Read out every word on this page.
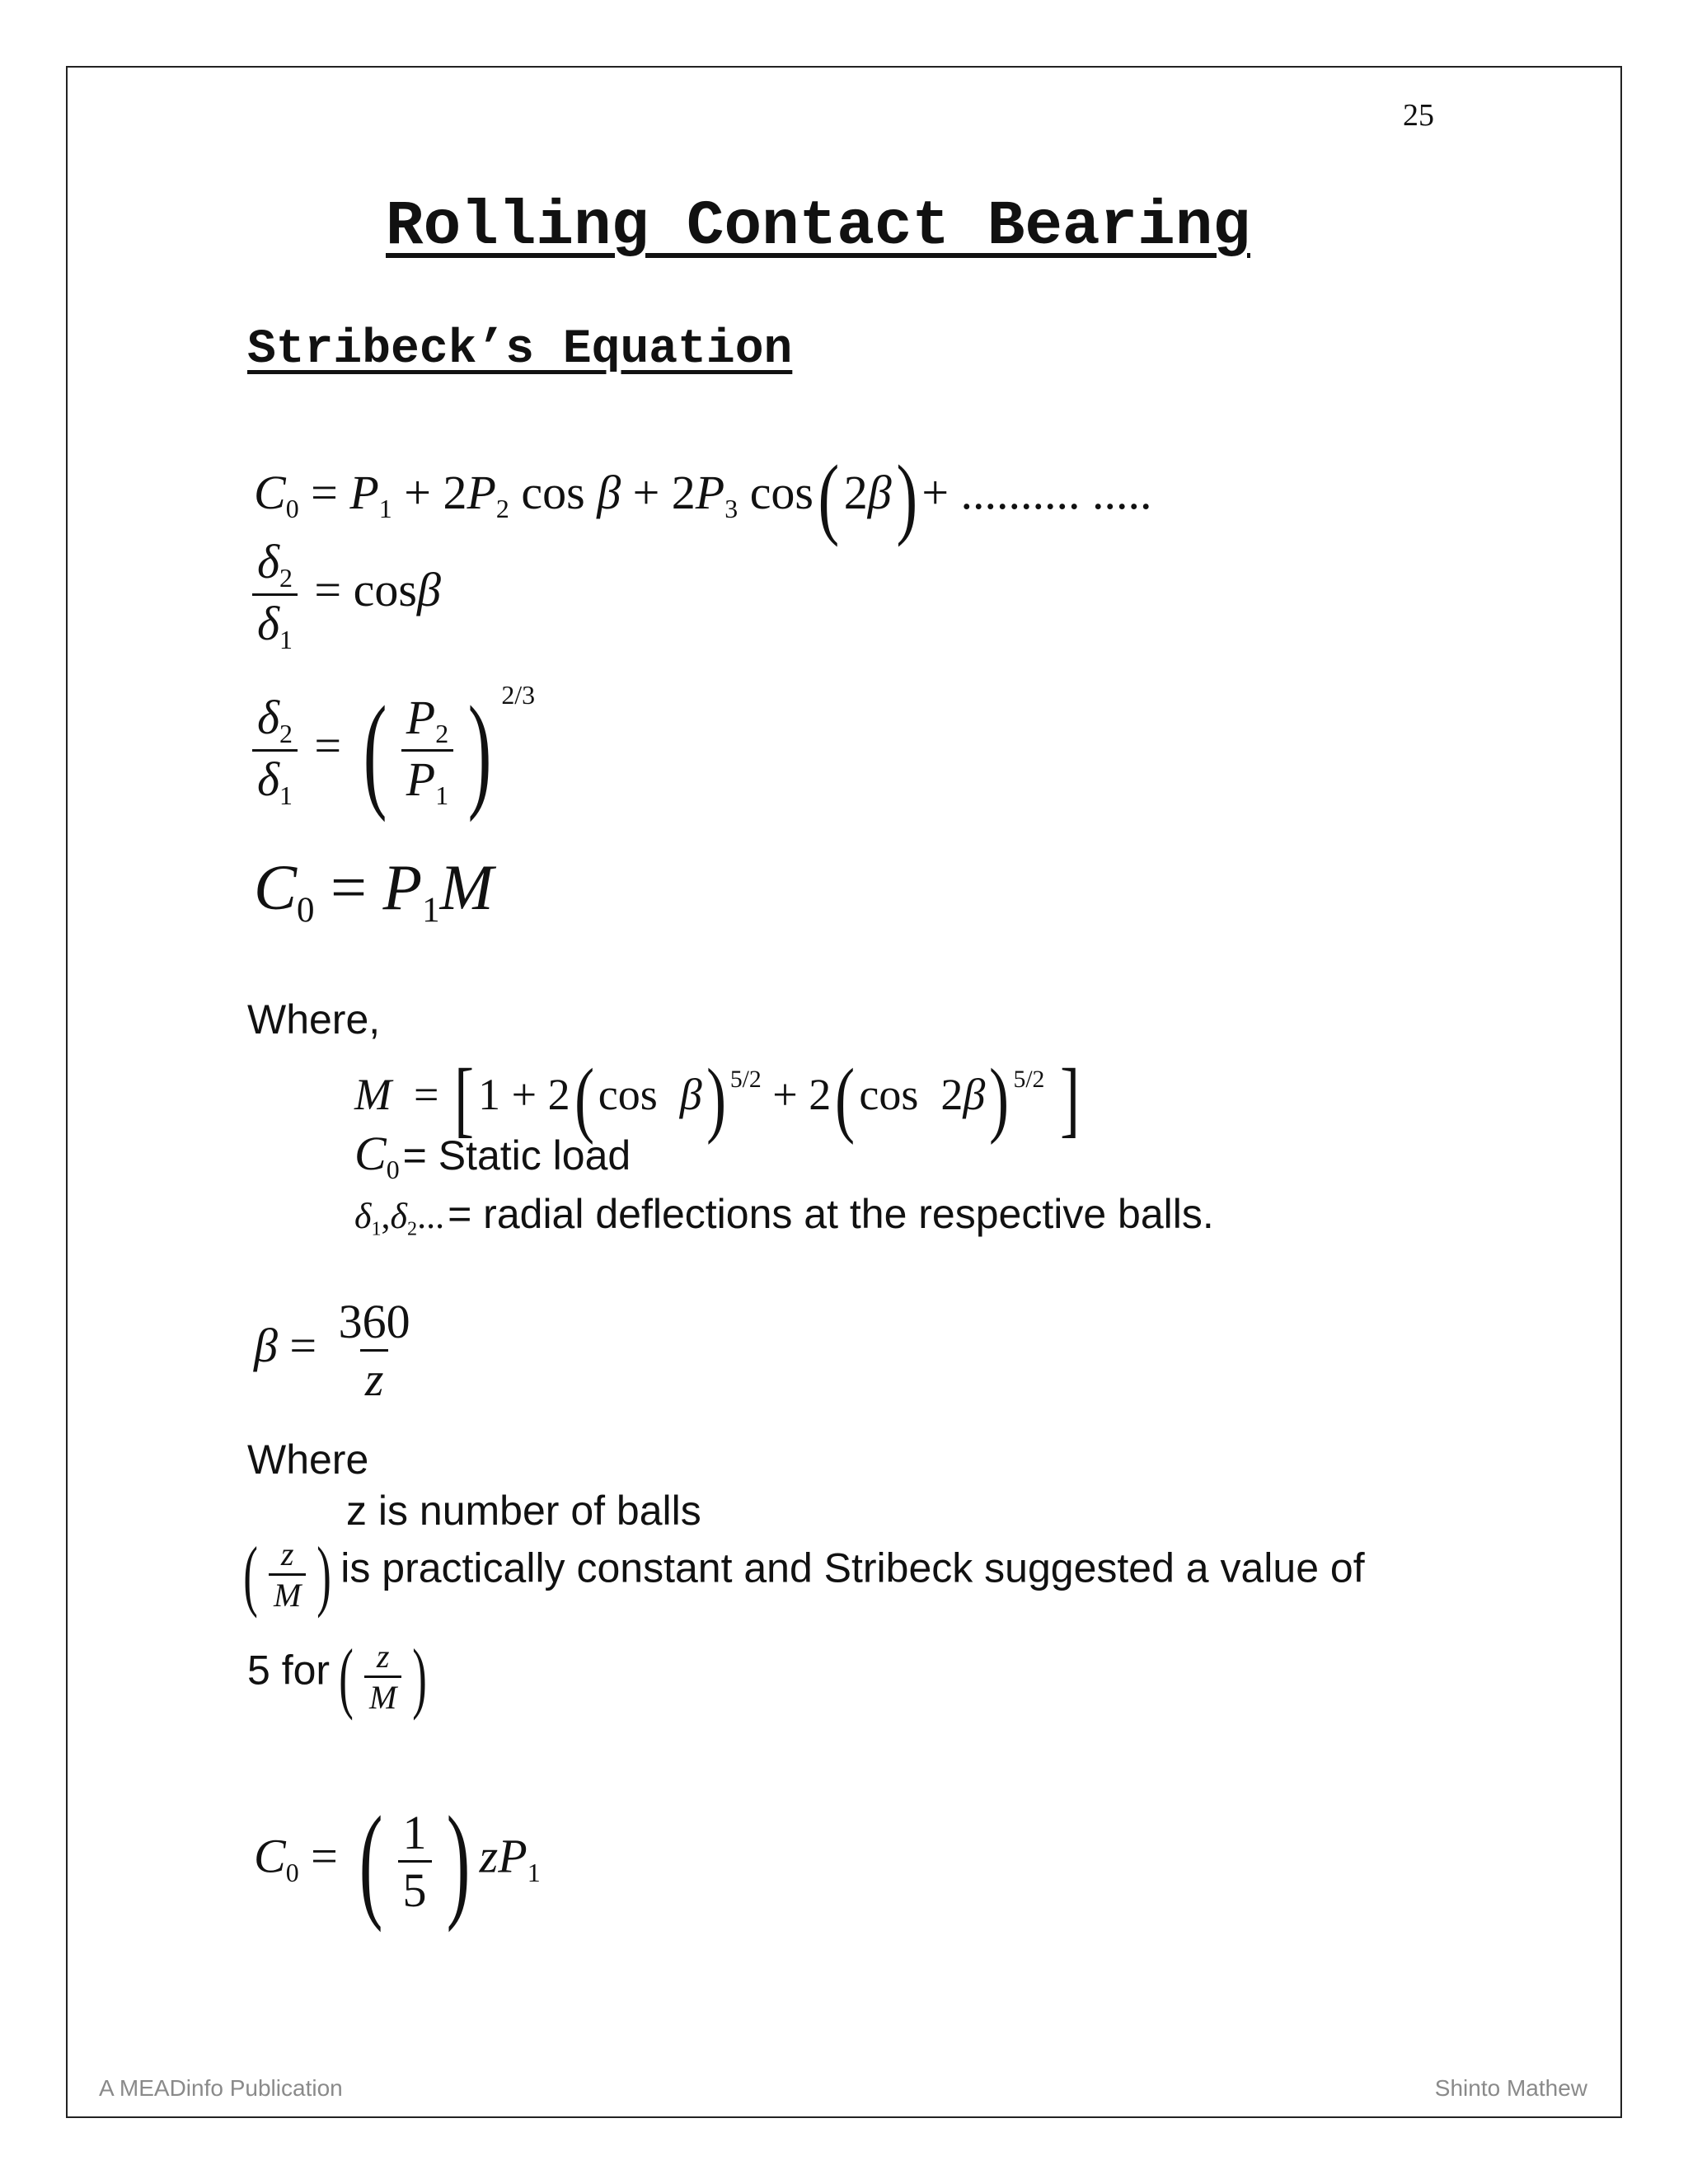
25
Rolling Contact Bearing
Stribeck’s Equation
$C_0 = P_1 + 2P_2$ $\cos \beta + 2P_3$ cos(2β)+ .......... .....
$\frac{\delta_2}{\delta_1} = \cos\beta$
$\frac{\delta_2}{\delta_1}$ = ( $\frac{P_2}{P_1}$ ) $^{2/3}$
$C_0 = P_1M$
Where,
M = [1 + 2(cos β) $^{5/2}$ + 2(cos 2β) $^{5/2}$ ]
$C_0$ = Static load
$\delta_1,\delta_2$... = radial deflections at the respective balls.
$\beta = \frac{360}{z}$
Where
z is number of balls
( $\frac{z}{M}$ ) is practically constant and Stribeck suggested a value of
5 for ( $\frac{z}{M}$ )
$C_0$ = ( $\frac{1}{5}$ ) $zP_1$
A MEADinfo Publication	Shinto Mathew
